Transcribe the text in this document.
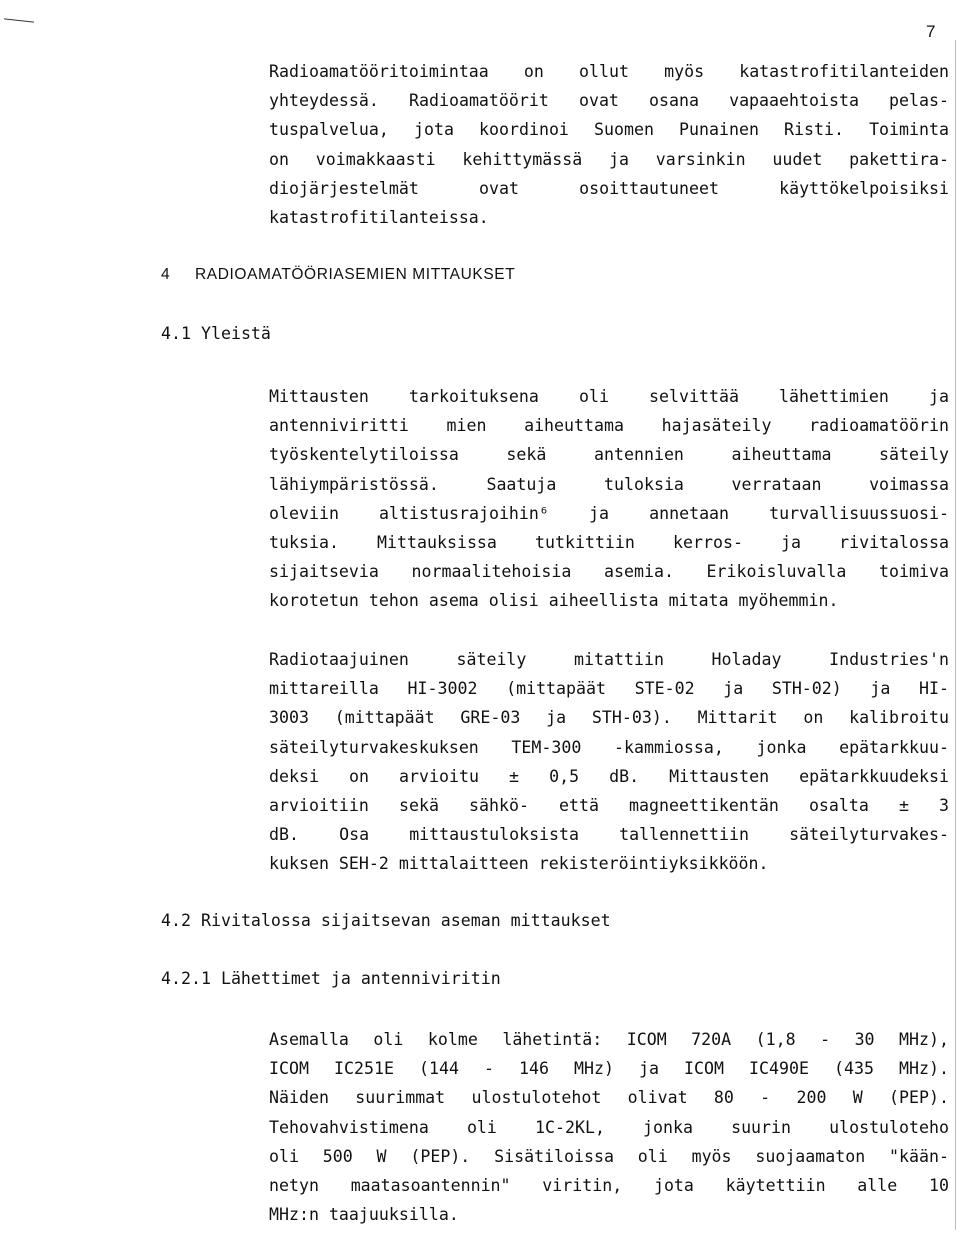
7
Radioamatööritoimintaa on ollut myös katastrofitilanteiden
yhteydessä. Radioamatöörit ovat osana vapaaehtoista pelas-
tuspalvelua, jota koordinoi Suomen Punainen Risti. Toiminta
on voimakkaasti kehittymässä ja varsinkin uudet pakettira-
diojärjestelmät ovat osoittautuneet käyttökelpoisiksi
katastrofitilanteissa.
4 RADIOAMATÖÖRIASEMIEN MITTAUKSET
4.1 Yleistä
Mittausten tarkoituksena oli selvittää lähettimien ja
antenniviritti mien aiheuttama hajasäteily radioamatöörin
työskentelytiloissa sekä antennien aiheuttama säteily
lähiympäristössä. Saatuja tuloksia verrataan voimassa
oleviin altistusrajoihin⁶ ja annetaan turvallisuussuosi-
tuksia. Mittauksissa tutkittiin kerros- ja rivitalossa
sijaitsevia normaalitehoisia asemia. Erikoisluvalla toimiva
korotetun tehon asema olisi aiheellista mitata myöhemmin.
Radiotaajuinen säteily mitattiin Holaday Industries'n
mittareilla HI-3002 (mittapäät STE-02 ja STH-02) ja HI-
3003 (mittapäät GRE-03 ja STH-03). Mittarit on kalibroitu
säteilyturvakeskuksen TEM-300 -kammiossa, jonka epätarkkuu-
deksi on arvioitu ± 0,5 dB. Mittausten epätarkkuudeksi
arvioitiin sekä sähkö- että magneettikentän osalta ± 3
dB. Osa mittaustuloksista tallennettiin säteilyturvakes-
kuksen SEH-2 mittalaitteen rekisteröintiyksikköön.
4.2 Rivitalossa sijaitsevan aseman mittaukset
4.2.1 Lähettimet ja antenniviritin
Asemalla oli kolme lähetintä: ICOM 720A (1,8 - 30 MHz),
ICOM IC251E (144 - 146 MHz) ja ICOM IC490E (435 MHz).
Näiden suurimmat ulostulotehot olivat 80 - 200 W (PEP).
Tehovahvistimena oli 1C-2KL, jonka suurin ulostuloteho
oli 500 W (PEP). Sisätiloissa oli myös suojaamaton "kään-
netyn maatasoantennin" viritin, jota käytettiin alle 10
MHz:n taajuuksilla.
